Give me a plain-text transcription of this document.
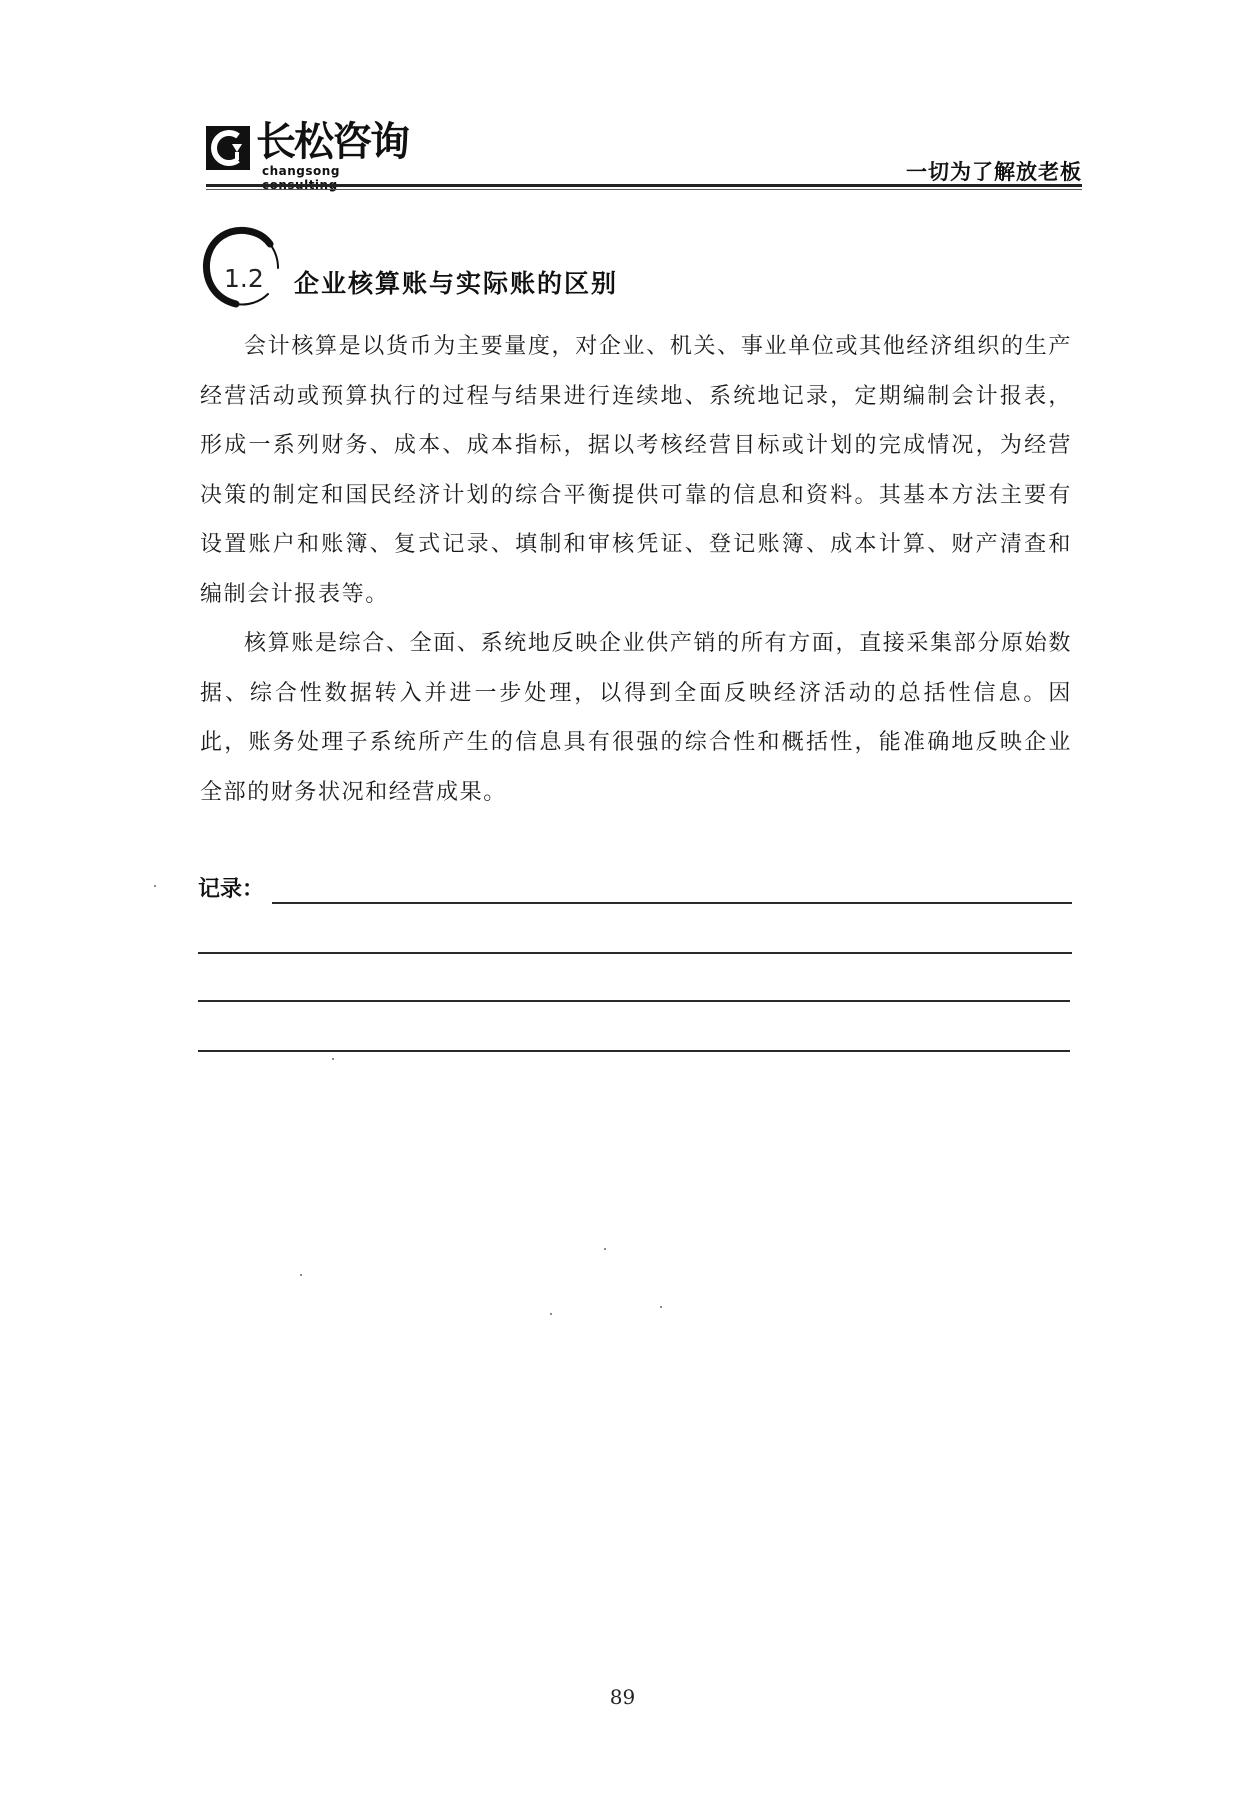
长松咨询
changsong	一切为了解放老板
1.2 企业核算账与实际账的区别

会计核算是以货币为主要量度，对企业、机关、事业单位或其他经济组织的生产经营活动或预算执行的过程与结果进行连续地、系统地记录，定期编制会计报表，形成一系列财务、成本、成本指标，据以考核经营目标或计划的完成情况，为经营决策的制定和国民经济计划的综合平衡提供可靠的信息和资料。其基本方法主要有设置账户和账簿、复式记录、填制和审核凭证、登记账簿、成本计算、财产清查和编制会计报表等。

核算账是综合、全面、系统地反映企业供产销的所有方面，直接采集部分原始数据、综合性数据转入并进一步处理，以得到全面反映经济活动的总括性信息。因此，账务处理子系统所产生的信息具有很强的综合性和概括性，能准确地反映企业全部的财务状况和经营成果。

记录：
89
